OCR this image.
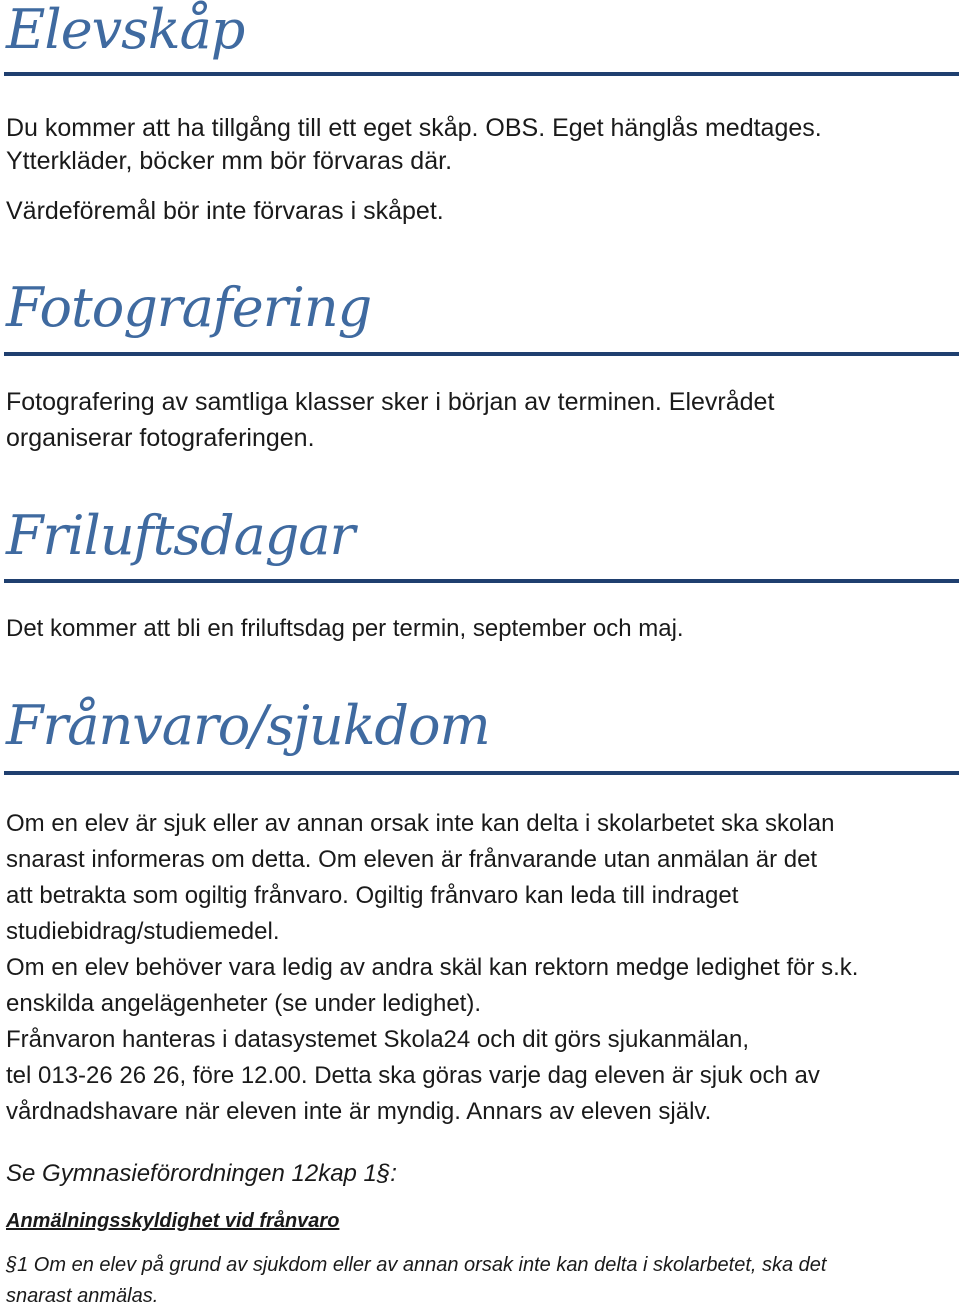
Elevskåp

Du kommer att ha tillgång till ett eget skåp. OBS. Eget hänglås medtages.

Ytterkläder, böcker mm bör förvaras där.

Värdeföremål bör inte förvaras i skåpet.

Fotografering

Fotografering av samtliga klasser sker i början av terminen. Elevrådet

organiserar fotograferingen.

Friluftsdagar

Det kommer att bli en friluftsdag per termin, september och maj.

Frånvaro/sjukdom

Om en elev är sjuk eller av annan orsak inte kan delta i skolarbetet ska skolan

snarast informeras om detta. Om eleven är frånvarande utan anmälan är det

att betrakta som ogiltig frånvaro. Ogiltig frånvaro kan leda till indraget

studiebidrag/studiemedel.

Om en elev behöver vara ledig av andra skäl kan rektorn medge ledighet för s.k.

enskilda angelägenheter (se under ledighet).

Frånvaron hanteras i datasystemet Skola24 och dit görs sjukanmälan,

tel 013-26 26 26, före 12.00. Detta ska göras varje dag eleven är sjuk och av

vårdnadshavare när eleven inte är myndig. Annars av eleven själv.

Se Gymnasieförordningen 12kap 1§:

Anmälningsskyldighet vid frånvaro

§1 Om en elev på grund av sjukdom eller av annan orsak inte kan delta i skolarbetet, ska det

snarast anmälas.
